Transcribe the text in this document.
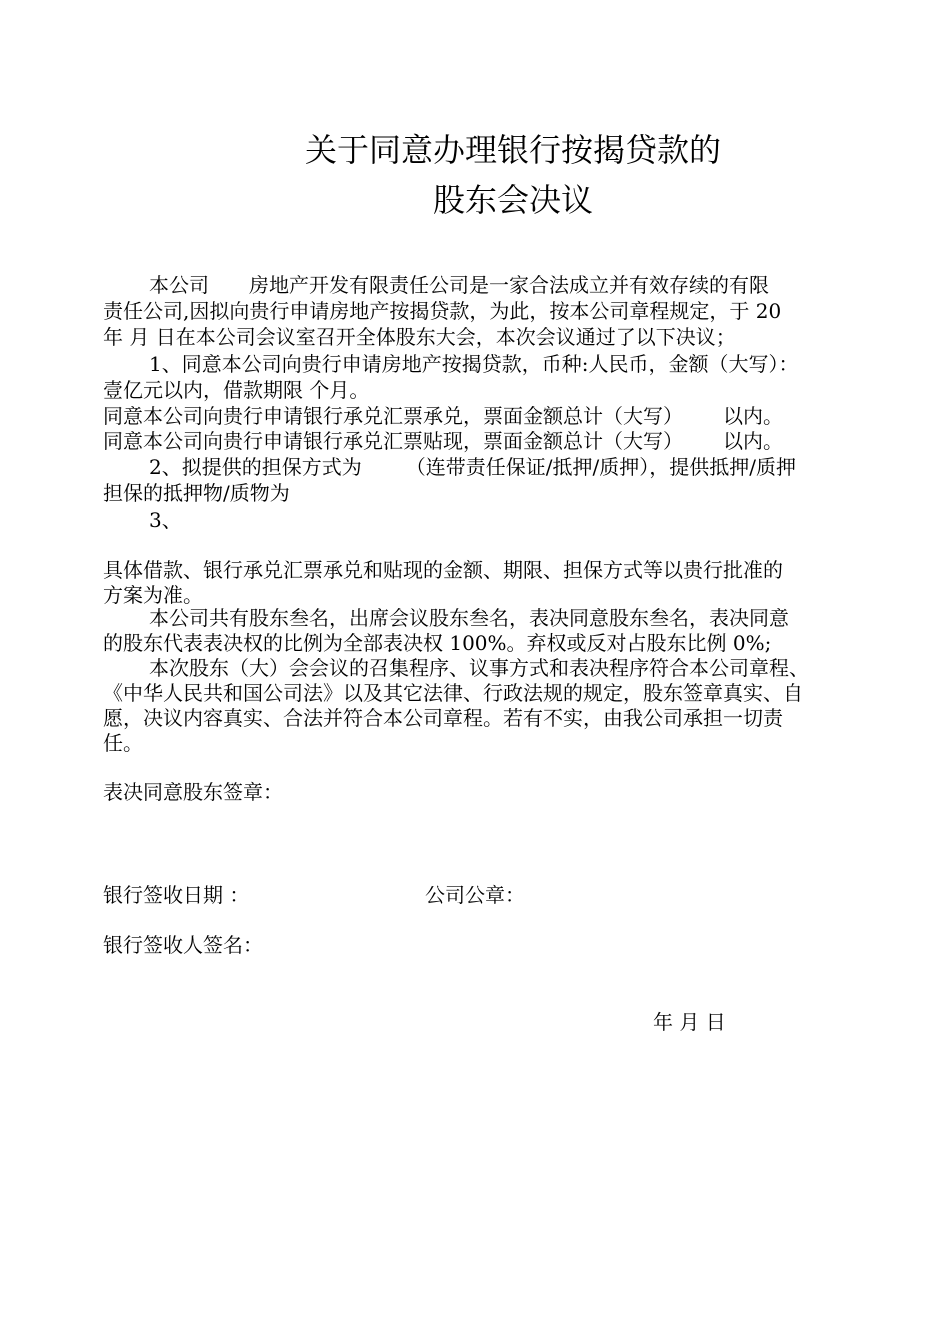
关于同意办理银行按揭贷款的
股东会决议
本公司 房地产开发有限责任公司是一家合法成立并有效存续的有限
责任公司,因拟向贵行申请房地产按揭贷款，为此，按本公司章程规定，于 20
年 月 日在本公司会议室召开全体股东大会，本次会议通过了以下决议；
1、同意本公司向贵行申请房地产按揭贷款，币种:人民币，金额（大写）：
壹亿元以内，借款期限 个月。
同意本公司向贵行申请银行承兑汇票承兑，票面金额总计（大写） 以内。
同意本公司向贵行申请银行承兑汇票贴现，票面金额总计（大写） 以内。
2、拟提供的担保方式为 （连带责任保证/抵押/质押），提供抵押/质押
担保的抵押物/质物为
3、
具体借款、银行承兑汇票承兑和贴现的金额、期限、担保方式等以贵行批准的
方案为准。
本公司共有股东叁名，出席会议股东叁名，表决同意股东叁名，表决同意
的股东代表表决权的比例为全部表决权 100%。弃权或反对占股东比例 0%;
本次股东（大）会会议的召集程序、议事方式和表决程序符合本公司章程、
《中华人民共和国公司法》以及其它法律、行政法规的规定，股东签章真实、自
愿，决议内容真实、合法并符合本公司章程。若有不实，由我公司承担一切责
任。
表决同意股东签章：
银行签收日期 ：	公司公章：
银行签收人签名：
年 月 日
